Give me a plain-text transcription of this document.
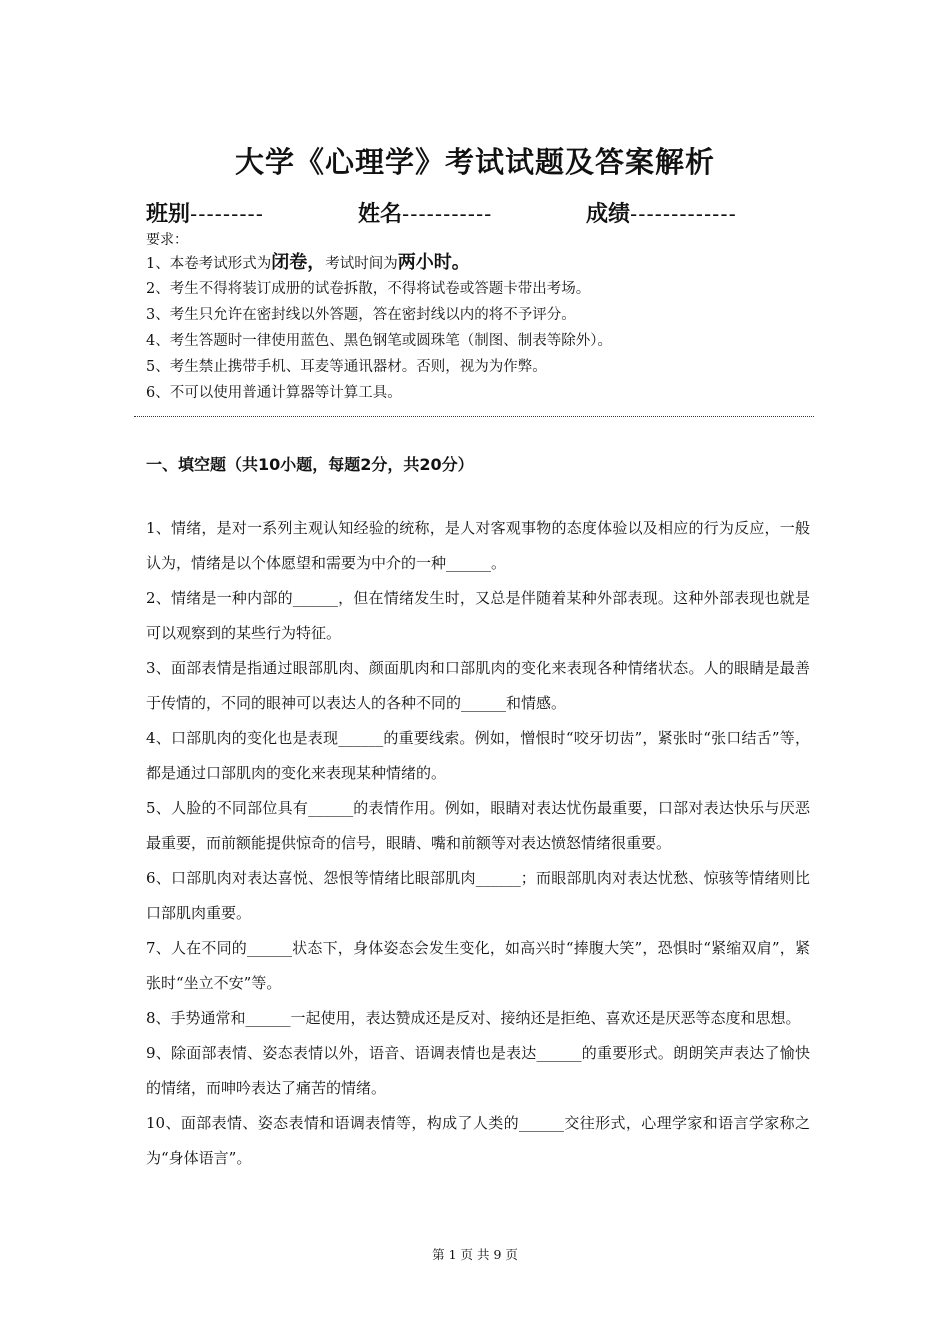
大学《心理学》考试试题及答案解析
班别---------	姓名-----------	成绩-------------
要求：
1、本卷考试形式为闭卷，考试时间为两小时。
2、考生不得将装订成册的试卷拆散，不得将试卷或答题卡带出考场。
3、考生只允许在密封线以外答题，答在密封线以内的将不予评分。
4、考生答题时一律使用蓝色、黑色钢笔或圆珠笔（制图、制表等除外）。
5、考生禁止携带手机、耳麦等通讯器材。否则，视为为作弊。
6、不可以使用普通计算器等计算工具。
一、填空题（共10小题，每题2分，共20分）

1、情绪，是对一系列主观认知经验的统称，是人对客观事物的态度体验以及相应的行为反应，一般认为，情绪是以个体愿望和需要为中介的一种______。

2、情绪是一种内部的______，但在情绪发生时，又总是伴随着某种外部表现。这种外部表现也就是可以观察到的某些行为特征。

3、面部表情是指通过眼部肌肉、颜面肌肉和口部肌肉的变化来表现各种情绪状态。人的眼睛是最善于传情的，不同的眼神可以表达人的各种不同的______和情感。

4、口部肌肉的变化也是表现______的重要线索。例如，憎恨时“咬牙切齿”，紧张时“张口结舌”等，都是通过口部肌肉的变化来表现某种情绪的。

5、人脸的不同部位具有______的表情作用。例如，眼睛对表达忧伤最重要，口部对表达快乐与厌恶最重要，而前额能提供惊奇的信号，眼睛、嘴和前额等对表达愤怒情绪很重要。

6、口部肌肉对表达喜悦、怨恨等情绪比眼部肌肉______；而眼部肌肉对表达忧愁、惊骇等情绪则比口部肌肉重要。

7、人在不同的______状态下，身体姿态会发生变化，如高兴时“捧腹大笑”，恐惧时“紧缩双肩”，紧张时“坐立不安”等。

8、手势通常和______一起使用，表达赞成还是反对、接纳还是拒绝、喜欢还是厌恶等态度和思想。

9、除面部表情、姿态表情以外，语音、语调表情也是表达______的重要形式。朗朗笑声表达了愉快的情绪，而呻吟表达了痛苦的情绪。

10、面部表情、姿态表情和语调表情等，构成了人类的______交往形式，心理学家和语言学家称之为“身体语言”。

第 1 页 共 9 页
